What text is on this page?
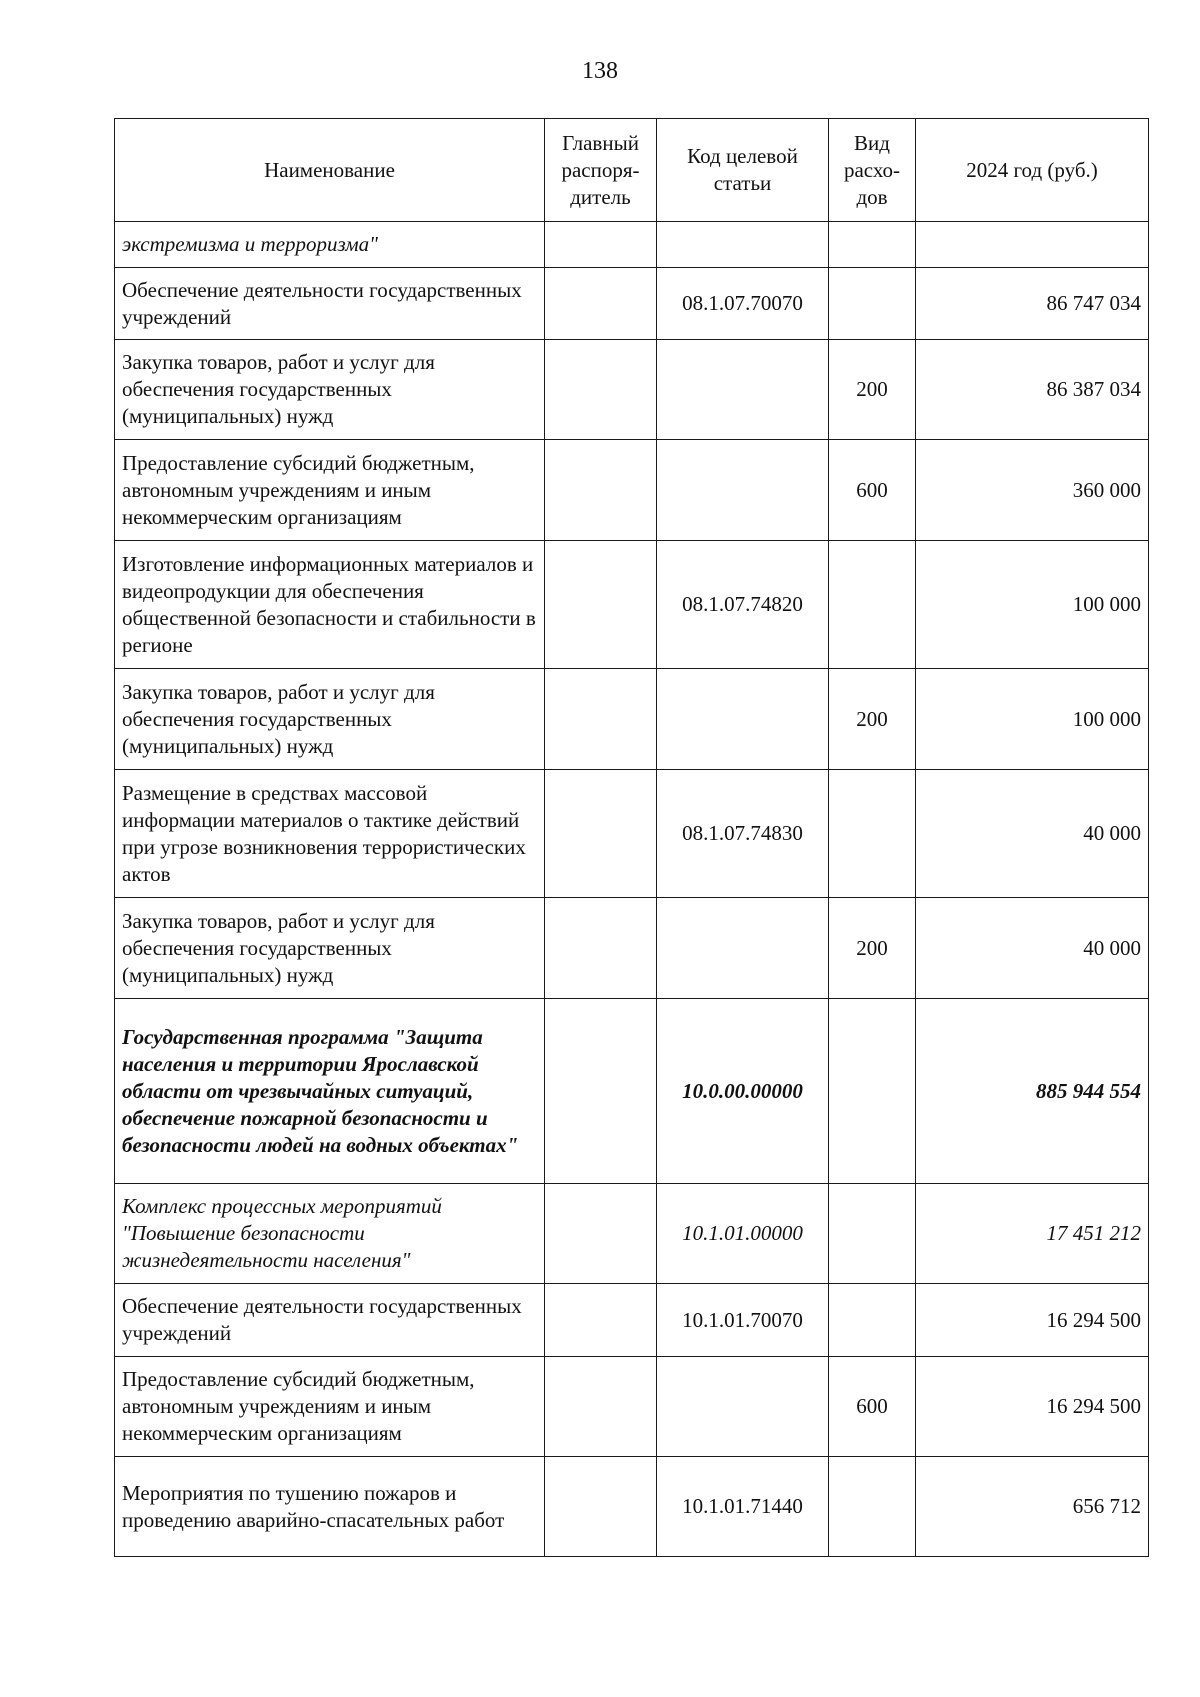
138
Наименование	Главный распоря- дитель	Код целевой статьи	Вид расхо- дов	2024 год (руб.)
экстремизма и терроризма"				
Обеспечение деятельности государственных учреждений		08.1.07.70070		86 747 034
Закупка товаров, работ и услуг для обеспечения государственных (муниципальных) нужд			200	86 387 034
Предоставление субсидий бюджетным, автономным учреждениям и иным некоммерческим организациям			600	360 000
Изготовление информационных материалов и видеопродукции для обеспечения общественной безопасности и стабильности в регионе		08.1.07.74820		100 000
Закупка товаров, работ и услуг для обеспечения государственных (муниципальных) нужд			200	100 000
Размещение в средствах массовой информации материалов о тактике действий при угрозе возникновения террористических актов		08.1.07.74830		40 000
Закупка товаров, работ и услуг для обеспечения государственных (муниципальных) нужд			200	40 000
Государственная программа "Защита населения и территории Ярославской области от чрезвычайных ситуаций, обеспечение пожарной безопасности и безопасности людей на водных объектах"		10.0.00.00000		885 944 554
Комплекс процессных мероприятий "Повышение безопасности жизнедеятельности населения"		10.1.01.00000		17 451 212
Обеспечение деятельности государственных учреждений		10.1.01.70070		16 294 500
Предоставление субсидий бюджетным, автономным учреждениям и иным некоммерческим организациям			600	16 294 500
Мероприятия по тушению пожаров и проведению аварийно-спасательных работ		10.1.01.71440		656 712
